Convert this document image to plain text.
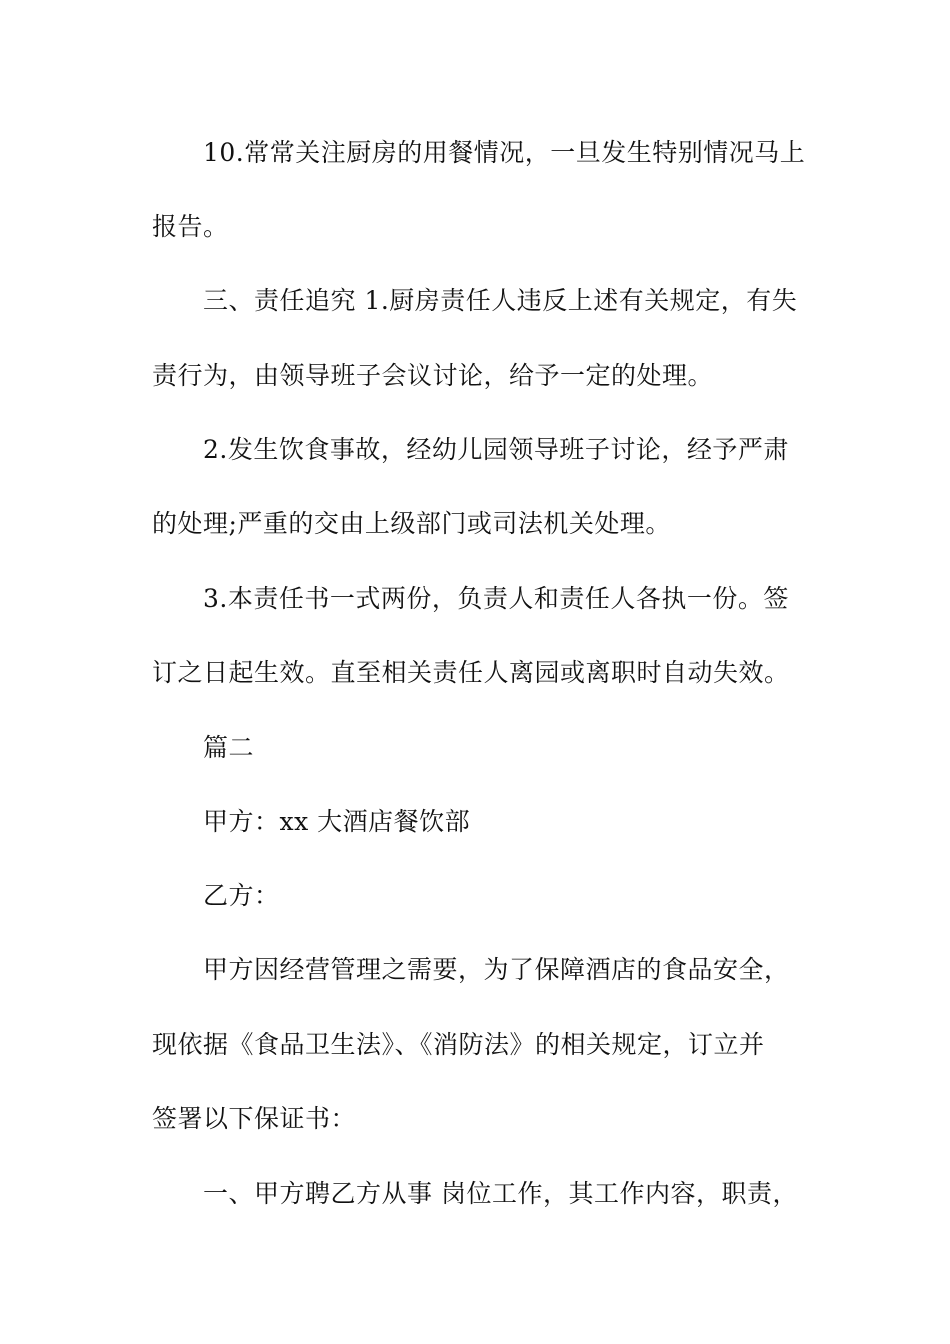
10.常常关注厨房的用餐情况，一旦发生特别情况马上
报告。
三、责任追究 1.厨房责任人违反上述有关规定，有失
责行为，由领导班子会议讨论，给予一定的处理。
2.发生饮食事故，经幼儿园领导班子讨论，经予严肃
的处理;严重的交由上级部门或司法机关处理。
3.本责任书一式两份，负责人和责任人各执一份。签
订之日起生效。直至相关责任人离园或离职时自动失效。
篇二
甲方：xx 大酒店餐饮部
乙方：
甲方因经营管理之需要，为了保障酒店的食品安全，
现依据《食品卫生法》、《消防法》的相关规定，订立并
签署以下保证书：
一、甲方聘乙方从事 岗位工作，其工作内容，职责，
